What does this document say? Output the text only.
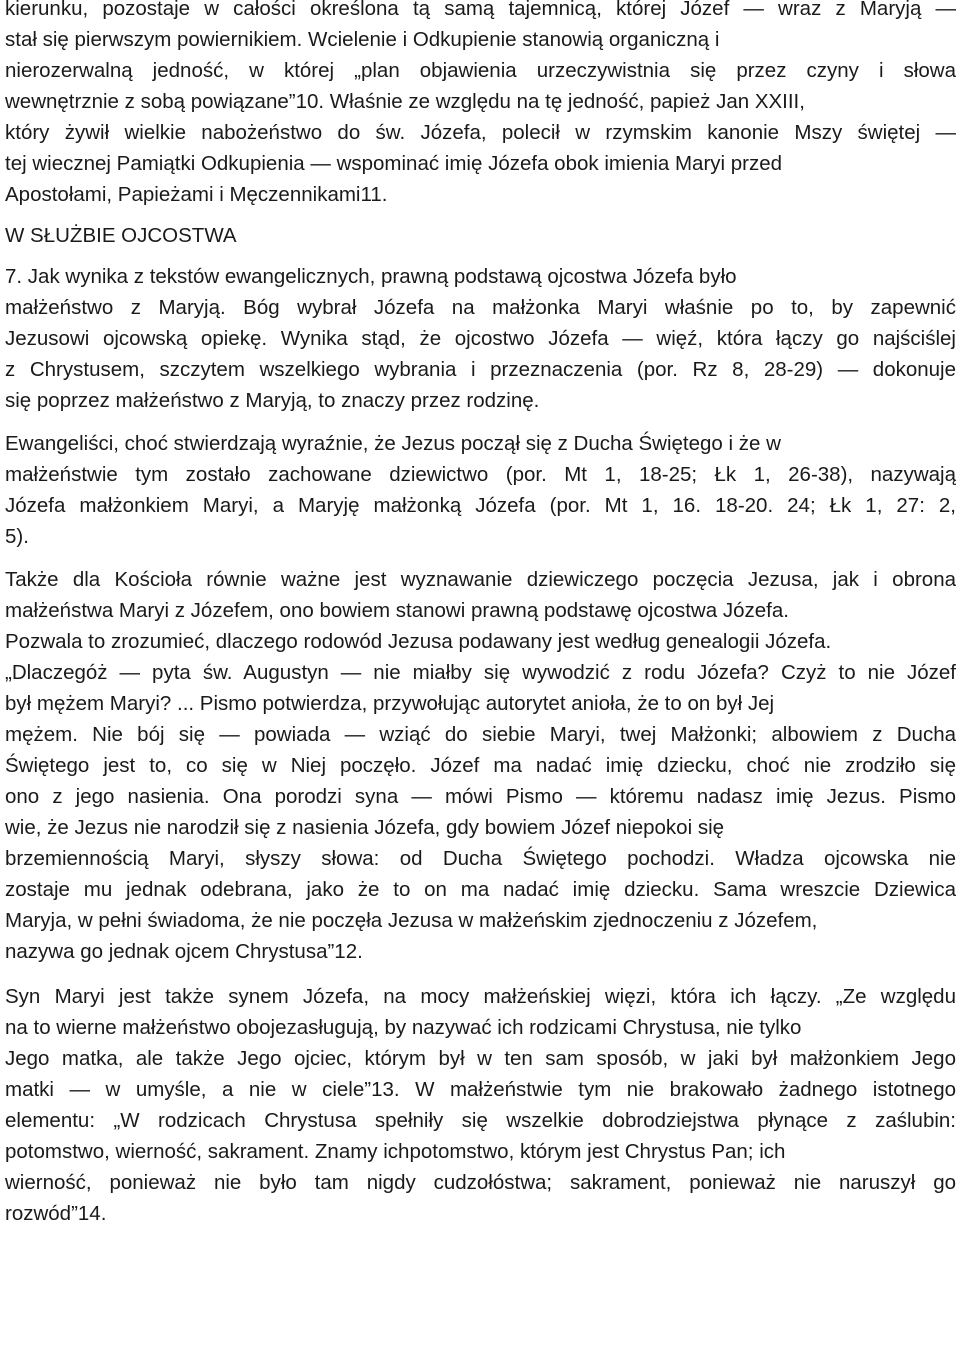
kierunku, pozostaje w całości określona tą samą tajemnicą, której Józef — wraz z Maryją —
stał się pierwszym powiernikiem. Wcielenie i Odkupienie stanowią organiczną i
nierozerwalną jedność, w której „plan objawienia urzeczywistnia się przez czyny i słowa
wewnętrznie z sobą powiązane”10. Właśnie ze względu na tę jedność, papież Jan XXIII,
który żywił wielkie nabożeństwo do św. Józefa, polecił w rzymskim kanonie Mszy świętej —
tej wiecznej Pamiątki Odkupienia — wspominać imię Józefa obok imienia Maryi przed
Apostołami, Papieżami i Męczennikami11.
W SŁUŻBIE OJCOSTWA
7. Jak wynika z tekstów ewangelicznych, prawną podstawą ojcostwa Józefa było
małżeństwo z Maryją. Bóg wybrał Józefa na małżonka Maryi właśnie po to, by zapewnić
Jezusowi ojcowską opiekę. Wynika stąd, że ojcostwo Józefa — więź, która łączy go najściślej
z Chrystusem, szczytem wszelkiego wybrania i przeznaczenia (por. Rz 8, 28-29) — dokonuje
się poprzez małżeństwo z Maryją, to znaczy przez rodzinę.
Ewangeliści, choć stwierdzają wyraźnie, że Jezus począł się z Ducha Świętego i że w
małżeństwie tym zostało zachowane dziewictwo (por. Mt 1, 18-25; Łk 1, 26-38), nazywają
Józefa małżonkiem Maryi, a Maryję małżonką Józefa (por. Mt 1, 16. 18-20. 24; Łk 1, 27: 2,
5).
Także dla Kościoła równie ważne jest wyznawanie dziewiczego poczęcia Jezusa, jak i obrona
małżeństwa Maryi z Józefem, ono bowiem stanowi prawną podstawę ojcostwa Józefa.
Pozwala to zrozumieć, dlaczego rodowód Jezusa podawany jest według genealogii Józefa.
„Dlaczegóż — pyta św. Augustyn — nie miałby się wywodzić z rodu Józefa? Czyż to nie Józef
był mężem Maryi? ... Pismo potwierdza, przywołując autorytet anioła, że to on był Jej
mężem. Nie bój się — powiada — wziąć do siebie Maryi, twej Małżonki; albowiem z Ducha
Świętego jest to, co się w Niej poczęło. Józef ma nadać imię dziecku, choć nie zrodziło się
ono z jego nasienia. Ona porodzi syna — mówi Pismo — któremu nadasz imię Jezus. Pismo
wie, że Jezus nie narodził się z nasienia Józefa, gdy bowiem Józef niepokoi się
brzemiennością Maryi, słyszy słowa: od Ducha Świętego pochodzi. Władza ojcowska nie
zostaje mu jednak odebrana, jako że to on ma nadać imię dziecku. Sama wreszcie Dziewica
Maryja, w pełni świadoma, że nie poczęła Jezusa w małżeńskim zjednoczeniu z Józefem,
nazywa go jednak ojcem Chrystusa”12.
Syn Maryi jest także synem Józefa, na mocy małżeńskiej więzi, która ich łączy. „Ze względu
na to wierne małżeństwo obojezasługują, by nazywać ich rodzicami Chrystusa, nie tylko
Jego matka, ale także Jego ojciec, którym był w ten sam sposób, w jaki był małżonkiem Jego
matki — w umyśle, a nie w ciele”13. W małżeństwie tym nie brakowało żadnego istotnego
elementu: „W rodzicach Chrystusa spełniły się wszelkie dobrodziejstwa płynące z zaślubin:
potomstwo, wierność, sakrament. Znamy ichpotomstwo, którym jest Chrystus Pan; ich
wierność, ponieważ nie było tam nigdy cudzołóstwa; sakrament, ponieważ nie naruszył go
rozwód”14.
